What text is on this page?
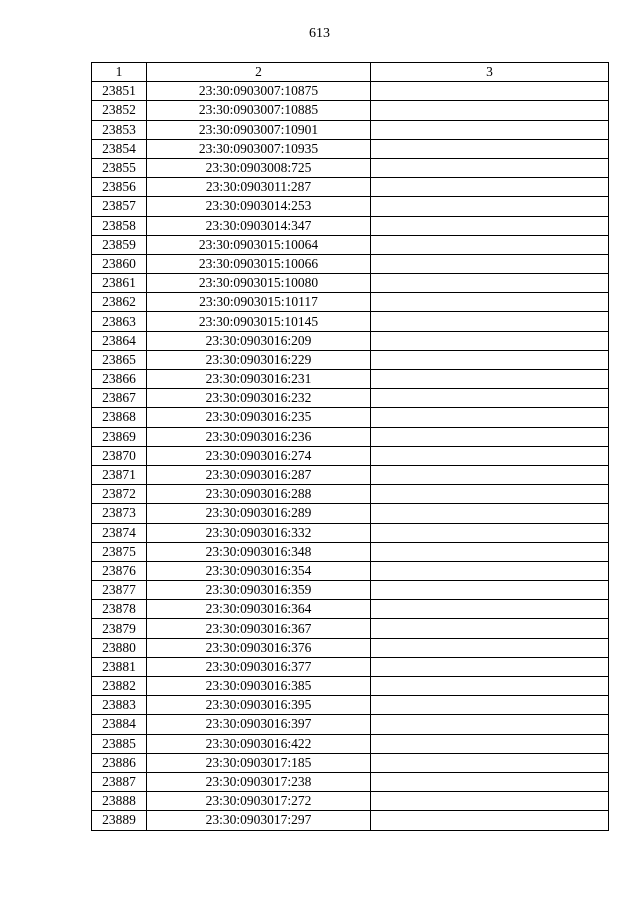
613
1	2	3
23851	23:30:0903007:10875	
23852	23:30:0903007:10885	
23853	23:30:0903007:10901	
23854	23:30:0903007:10935	
23855	23:30:0903008:725	
23856	23:30:0903011:287	
23857	23:30:0903014:253	
23858	23:30:0903014:347	
23859	23:30:0903015:10064	
23860	23:30:0903015:10066	
23861	23:30:0903015:10080	
23862	23:30:0903015:10117	
23863	23:30:0903015:10145	
23864	23:30:0903016:209	
23865	23:30:0903016:229	
23866	23:30:0903016:231	
23867	23:30:0903016:232	
23868	23:30:0903016:235	
23869	23:30:0903016:236	
23870	23:30:0903016:274	
23871	23:30:0903016:287	
23872	23:30:0903016:288	
23873	23:30:0903016:289	
23874	23:30:0903016:332	
23875	23:30:0903016:348	
23876	23:30:0903016:354	
23877	23:30:0903016:359	
23878	23:30:0903016:364	
23879	23:30:0903016:367	
23880	23:30:0903016:376	
23881	23:30:0903016:377	
23882	23:30:0903016:385	
23883	23:30:0903016:395	
23884	23:30:0903016:397	
23885	23:30:0903016:422	
23886	23:30:0903017:185	
23887	23:30:0903017:238	
23888	23:30:0903017:272	
23889	23:30:0903017:297	
